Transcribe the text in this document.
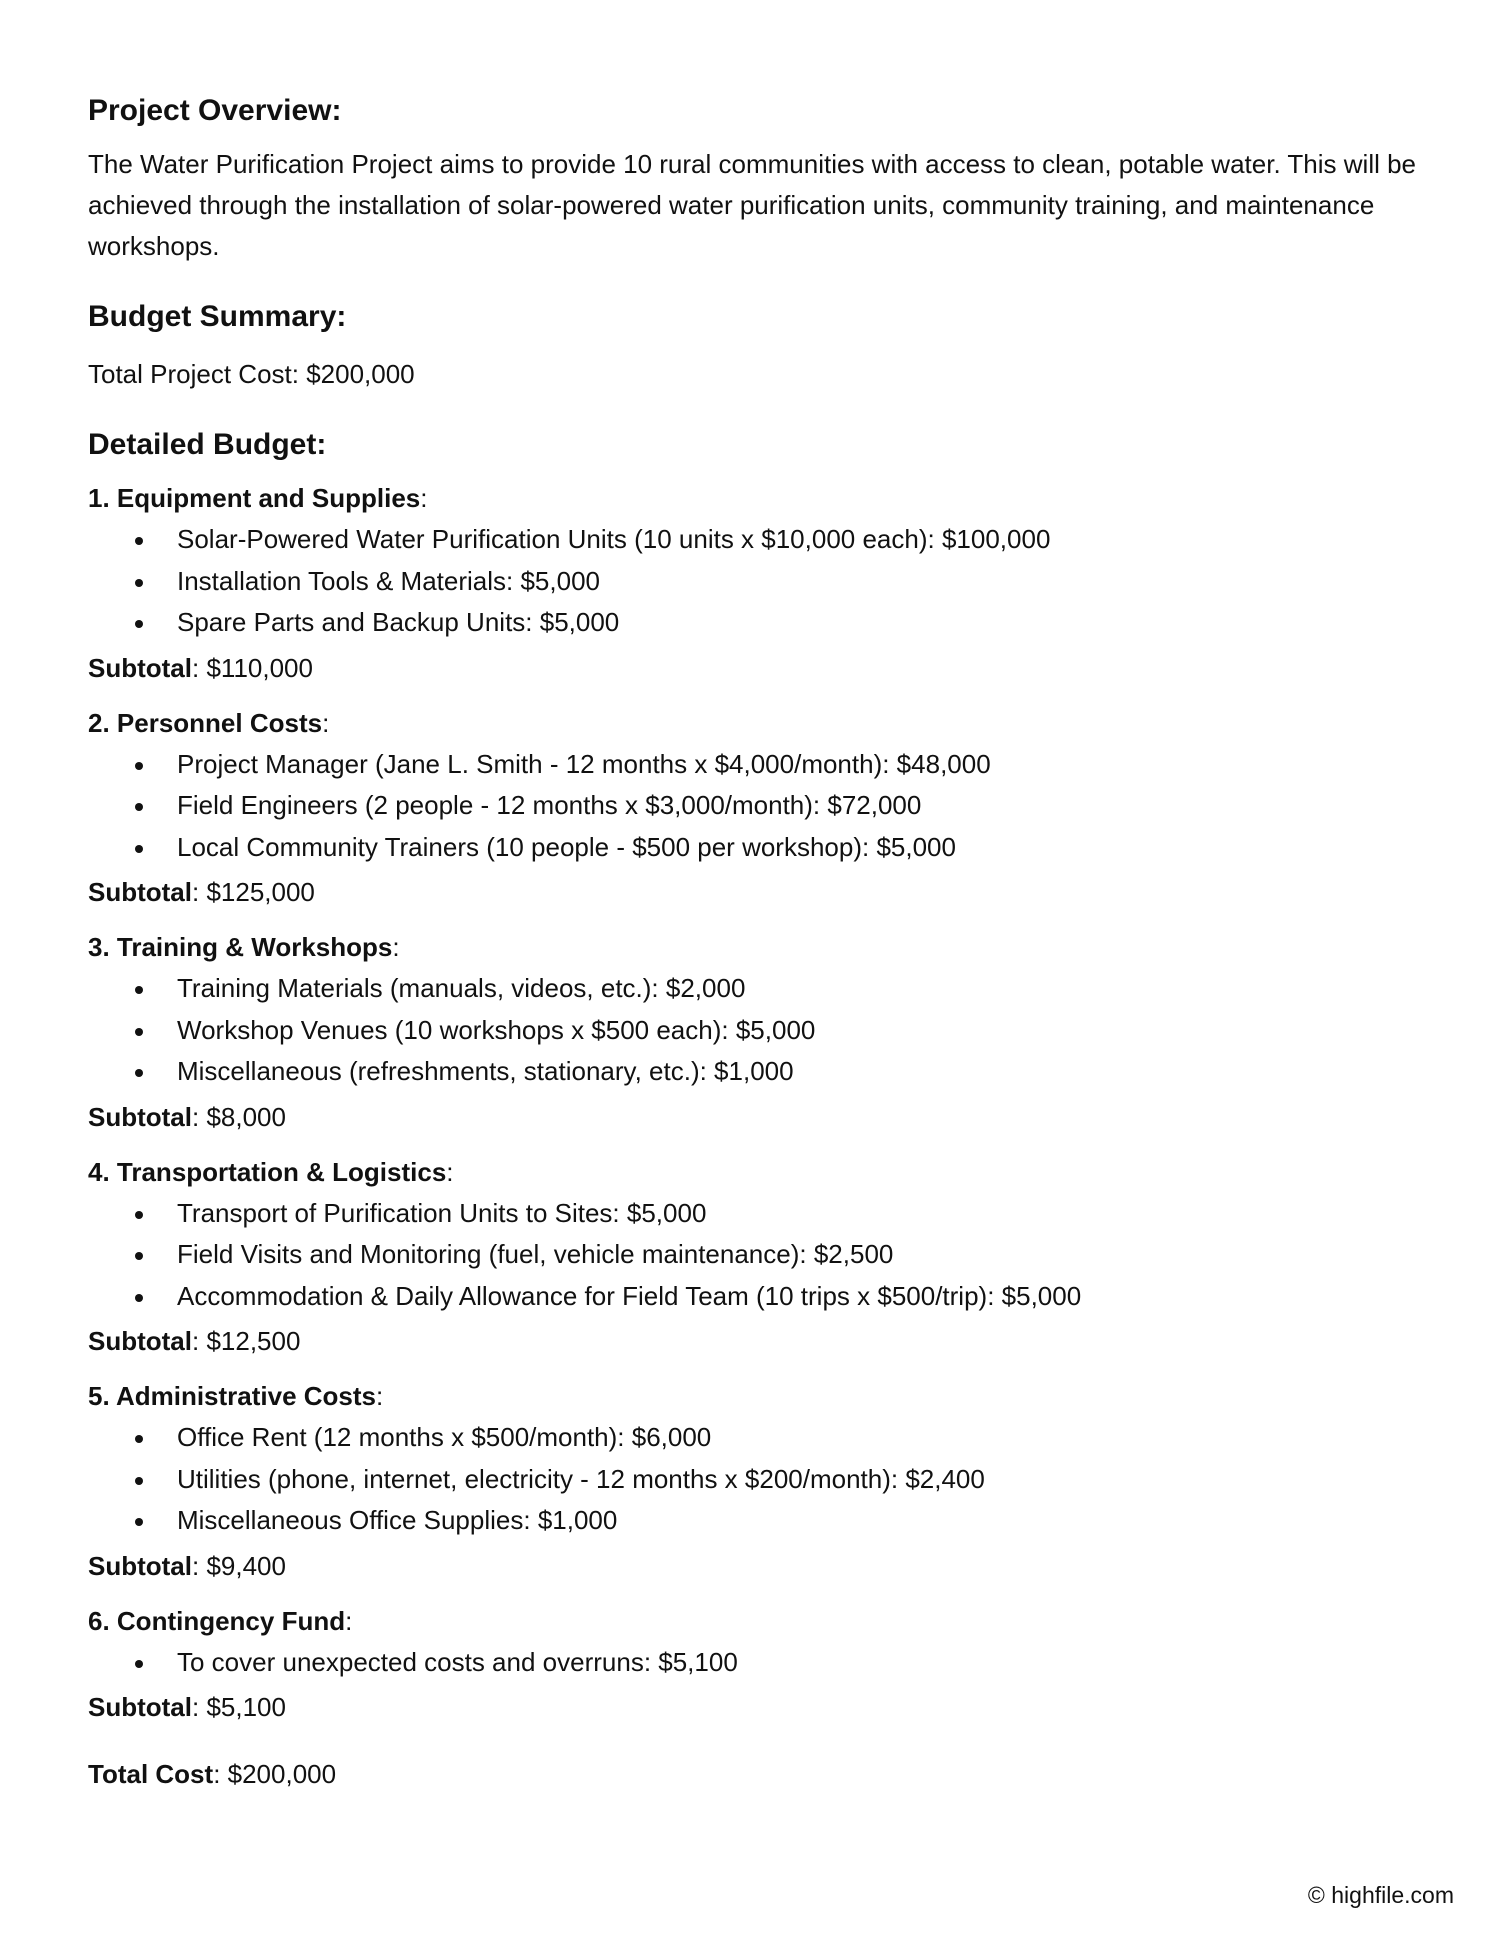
Project Overview:

The Water Purification Project aims to provide 10 rural communities with access to clean, potable water. This will be achieved through the installation of solar-powered water purification units, community training, and maintenance workshops.

Budget Summary:

Total Project Cost: $200,000

Detailed Budget:

1. Equipment and Supplies:

Solar-Powered Water Purification Units (10 units x $10,000 each): $100,000
Installation Tools & Materials: $5,000
Spare Parts and Backup Units: $5,000

Subtotal: $110,000

2. Personnel Costs:

Project Manager (Jane L. Smith - 12 months x $4,000/month): $48,000
Field Engineers (2 people - 12 months x $3,000/month): $72,000
Local Community Trainers (10 people - $500 per workshop): $5,000

Subtotal: $125,000

3. Training & Workshops:

Training Materials (manuals, videos, etc.): $2,000
Workshop Venues (10 workshops x $500 each): $5,000
Miscellaneous (refreshments, stationary, etc.): $1,000

Subtotal: $8,000

4. Transportation & Logistics:

Transport of Purification Units to Sites: $5,000
Field Visits and Monitoring (fuel, vehicle maintenance): $2,500
Accommodation & Daily Allowance for Field Team (10 trips x $500/trip): $5,000

Subtotal: $12,500

5. Administrative Costs:

Office Rent (12 months x $500/month): $6,000
Utilities (phone, internet, electricity - 12 months x $200/month): $2,400
Miscellaneous Office Supplies: $1,000

Subtotal: $9,400

6. Contingency Fund:

To cover unexpected costs and overruns: $5,100

Subtotal: $5,100

Total Cost: $200,000
© highfile.com
